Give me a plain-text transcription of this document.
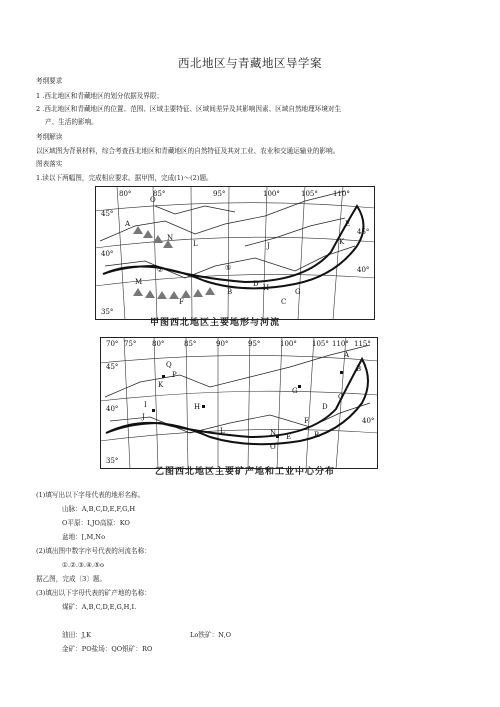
西北地区与青藏地区导学案
考纲要求
1 .西北地区和青藏地区的划分依据及界限；
2 .西北地区和青藏地区的位置、范围、区域主要特征、区域间差异及其影响因素、区域自然地理环境对生
产、生活的影响。
考纲解读
以区域图为背景材料，综合考查西北地区和青藏地区的自然特征及其对工业、农业和交通运输业的影响。
图表落实
1.读以下两幅图，完成相应要求。据甲图，完成(1)～(2)题。
80°	85°	95°	100°	105° 110°
45°
45°
40°
40°
35°
O
A
N
M
F
B
D H	G
J	K
E
C
L
②	⑤
甲图西北地区主要地形与河流
70° 75° 80°	85°	90°	95°	100° 105° 110° 115°
45°
40°
40°
35°
Q
P
K
I
J
H
G
A
B
C
D
E
F
N
L
O
R
乙图西北地区主要矿产地和工业中心分布
(1)填写出以下字母代表的地形名称。
山脉：A,B,C,D,E,F,G,H
O平原：I,JO高原：KO
盆地：[,M,No
(2)填出图中数字序号代表的河流名称：
①.②.③.④.⑤o
据乙图，完成〔3〕题。
(3)填出以下字母代表的矿产地的名称：
煤矿：A,B,C,D,E,G,H,I.
油田：J,K	Lo铁矿：N,O
金矿：PO盐场：QO银矿：RO
